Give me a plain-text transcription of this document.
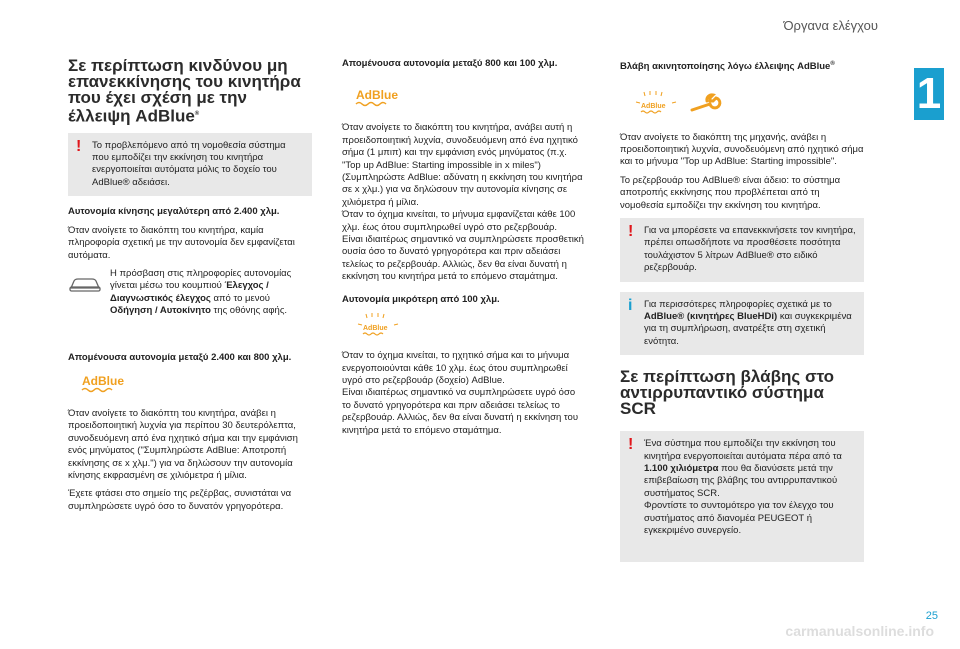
Όργανα ελέγχου
1
Σε περίπτωση κινδύνου μη επανεκκίνησης του κινητήρα που έχει σχέση με την έλλειψη AdBlue®
! Το προβλεπόμενο από τη νομοθεσία σύστημα που εμποδίζει την εκκίνηση του κινητήρα ενεργοποιείται αυτόματα μόλις το δοχείο του AdBlue® αδειάσει.
Αυτονομία κίνησης μεγαλύτερη από 2.400 χλμ.

Όταν ανοίγετε το διακόπτη του κινητήρα, καμία πληροφορία σχετική με την αυτονομία δεν εμφανίζεται αυτόματα.

Η πρόσβαση στις πληροφορίες αυτονομίας γίνεται μέσω του κουμπιού Έλεγχος / Διαγνωστικός έλεγχος από το μενού Οδήγηση / Αυτοκίνητο της οθόνης αφής.
Απομένουσα αυτονομία μεταξύ 2.400 και 800 χλμ.
AdBlue

Όταν ανοίγετε το διακόπτη του κινητήρα, ανάβει η προειδοποιητική λυχνία για περίπου 30 δευτερόλεπτα, συνοδευόμενη από ένα ηχητικό σήμα και την εμφάνιση ενός μηνύματος ("Συμπληρώστε AdBlue: Αποτροπή εκκίνησης σε x χλμ.") για να δηλώσουν την αυτονομία κίνησης εκφρασμένη σε χιλιόμετρα ή μίλια.

Έχετε φτάσει στο σημείο της ρεζέρβας, συνιστάται να συμπληρώσετε υγρό όσο το δυνατόν γρηγορότερα.

Απομένουσα αυτονομία μεταξύ 800 και 100 χλμ.
AdBlue

Όταν ανοίγετε το διακόπτη του κινητήρα, ανάβει αυτή η προειδοποιητική λυχνία, συνοδευόμενη από ένα ηχητικό σήμα (1 μπιπ) και την εμφάνιση ενός μηνύματος (π.χ. "Top up AdBlue: Starting impossible in x miles") (Συμπληρώστε AdBlue: αδύνατη η εκκίνηση του κινητήρα σε x χλμ.) για να δηλώσουν την αυτονομία κίνησης σε χιλιόμετρα ή μίλια.

Όταν το όχημα κινείται, το μήνυμα εμφανίζεται κάθε 100 χλμ. έως ότου συμπληρωθεί υγρό στο ρεζερβουάρ.

Είναι ιδιαιτέρως σημαντικό να συμπληρώσετε προσθετική ουσία όσο το δυνατό γρηγορότερα και πριν αδειάσει τελείως το ρεζερβουάρ. Αλλιώς, δεν θα είναι δυνατή η εκκίνηση του κινητήρα μετά το επόμενο σταμάτημα.

Αυτονομία μικρότερη από 100 χλμ.
AdBlue

Όταν το όχημα κινείται, το ηχητικό σήμα και το μήνυμα ενεργοποιούνται κάθε 10 χλμ. έως ότου συμπληρωθεί υγρό στο ρεζερβουάρ (δοχείο) AdBlue.

Είναι ιδιαιτέρως σημαντικό να συμπληρώσετε υγρό όσο το δυνατό γρηγορότερα και πριν αδειάσει τελείως το ρεζερβουάρ. Αλλιώς, δεν θα είναι δυνατή η εκκίνηση του κινητήρα μετά το επόμενο σταμάτημα.

Βλάβη ακινητοποίησης λόγω έλλειψης AdBlue®
AdBlue

Όταν ανοίγετε το διακόπτη της μηχανής, ανάβει η προειδοποιητική λυχνία, συνοδευόμενη από ηχητικό σήμα και το μήνυμα "Top up AdBlue: Starting impossible".

Το ρεζερβουάρ του AdBlue® είναι άδειο: το σύστημα αποτροπής εκκίνησης που προβλέπεται από τη νομοθεσία εμποδίζει την εκκίνηση του κινητήρα.

! Για να μπορέσετε να επανεκκινήσετε τον κινητήρα, πρέπει οπωσδήποτε να προσθέσετε ποσότητα τουλάχιστον 5 λίτρων AdBlue® στο ειδικό ρεζερβουάρ.
i Για περισσότερες πληροφορίες σχετικά με το AdBlue® (κινητήρες BlueHDi) και συγκεκριμένα για τη συμπλήρωση, ανατρέξτε στη σχετική ενότητα.
Σε περίπτωση βλάβης στο αντιρρυπαντικό σύστημα SCR
! Ένα σύστημα που εμποδίζει την εκκίνηση του κινητήρα ενεργοποιείται αυτόματα πέρα από τα 1.100 χιλιόμετρα που θα διανύσετε μετά την επιβεβαίωση της βλάβης του αντιρρυπαντικού συστήματος SCR.
Φροντίστε το συντομότερο για τον έλεγχο του συστήματος από διανομέα PEUGEOT ή εγκεκριμένο συνεργείο.
25
carmanualsonline.info
